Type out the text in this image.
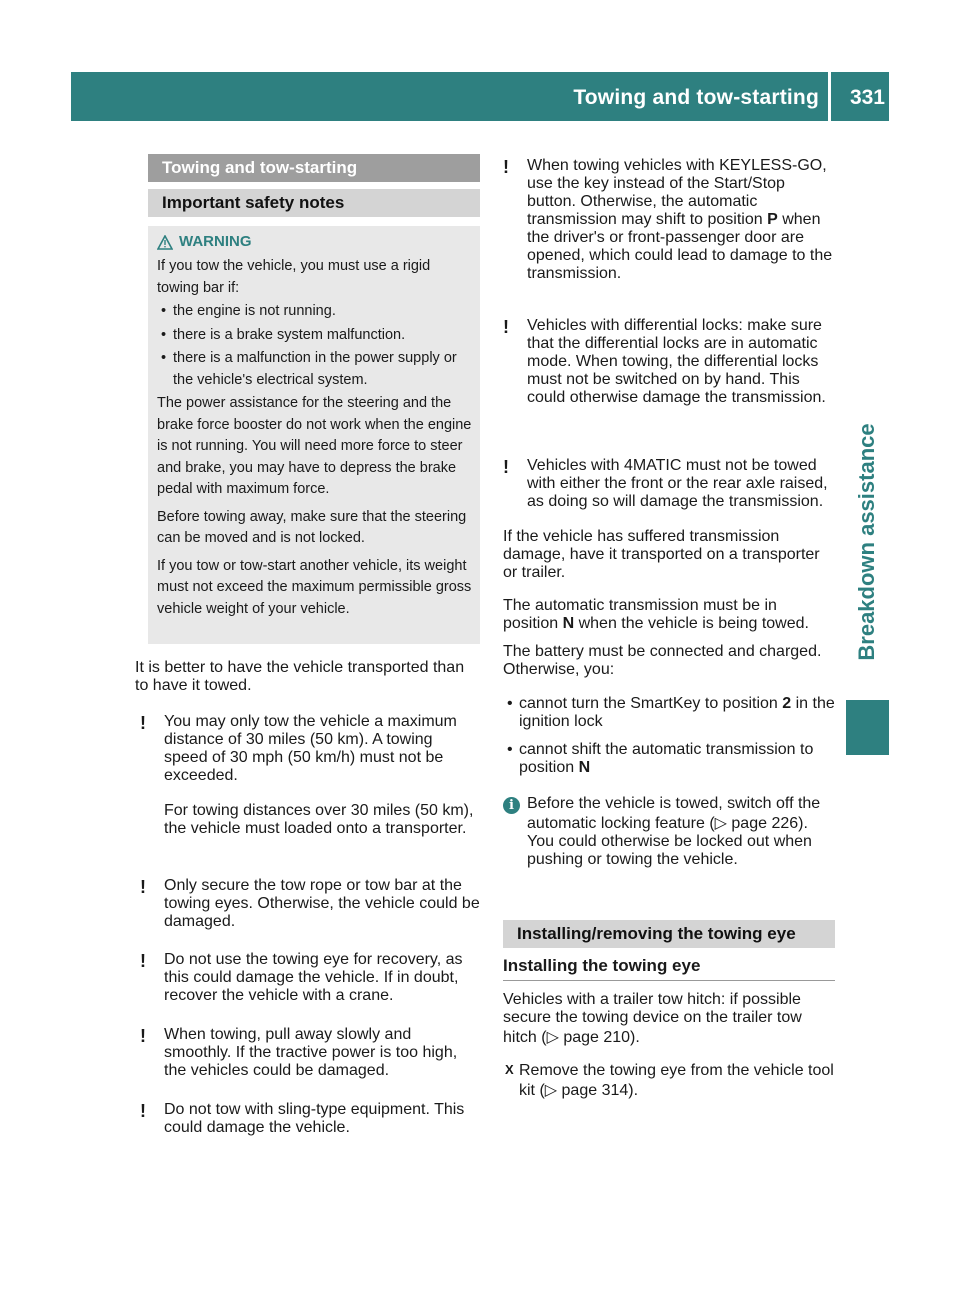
Towing and tow-starting 331
Breakdown assistance
Towing and tow-starting
Important safety notes
WARNING

If you tow the vehicle, you must use a rigid towing bar if:

• the engine is not running.
• there is a brake system malfunction.
• there is a malfunction in the power supply or the vehicle's electrical system.

The power assistance for the steering and the brake force booster do not work when the engine is not running. You will need more force to steer and brake, you may have to depress the brake pedal with maximum force.

Before towing away, make sure that the steering can be moved and is not locked.

If you tow or tow-start another vehicle, its weight must not exceed the maximum permissible gross vehicle weight of your vehicle.

It is better to have the vehicle transported than to have it towed.
! You may only tow the vehicle a maximum distance of 30 miles (50 km). A towing speed of 30 mph (50 km/h) must not be exceeded.
For towing distances over 30 miles (50 km), the vehicle must loaded onto a transporter.
! Only secure the tow rope or tow bar at the towing eyes. Otherwise, the vehicle could be damaged.
! Do not use the towing eye for recovery, as this could damage the vehicle. If in doubt, recover the vehicle with a crane.
! When towing, pull away slowly and smoothly. If the tractive power is too high, the vehicles could be damaged.
! Do not tow with sling-type equipment. This could damage the vehicle.
! When towing vehicles with KEYLESS-GO, use the key instead of the Start/Stop button. Otherwise, the automatic transmission may shift to position P when the driver's or front-passenger door are opened, which could lead to damage to the transmission.
! Vehicles with differential locks: make sure that the differential locks are in automatic mode. When towing, the differential locks must not be switched on by hand. This could otherwise damage the transmission.
! Vehicles with 4MATIC must not be towed with either the front or the rear axle raised, as doing so will damage the transmission.
If the vehicle has suffered transmission damage, have it transported on a transporter or trailer.
The automatic transmission must be in position N when the vehicle is being towed.
The battery must be connected and charged. Otherwise, you:
• cannot turn the SmartKey to position 2 in the ignition lock
• cannot shift the automatic transmission to position N
i Before the vehicle is towed, switch off the automatic locking feature (▷ page 226). You could otherwise be locked out when pushing or towing the vehicle.
Installing/removing the towing eye
Installing the towing eye
Vehicles with a trailer tow hitch: if possible secure the towing device on the trailer tow hitch (▷ page 210).
X Remove the towing eye from the vehicle tool kit (▷ page 314).
